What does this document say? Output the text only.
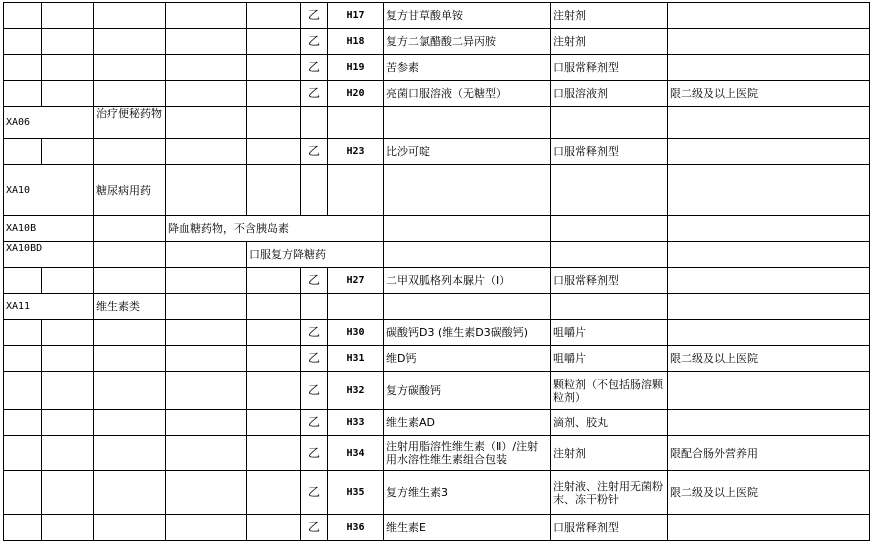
					乙	H17	复方甘草酸单铵	注射剂	
					乙	H18	复方二氯醋酸二异丙胺	注射剂	
					乙	H19	苦参素	口服常释剂型	
					乙	H20	亮菌口服溶液（无糖型）	口服溶液剂	限二级及以上医院
XA06		治疗便秘药物							
					乙	H23	比沙可啶	口服常释剂型	
XA10		糖尿病用药							
XA10B			降血糖药物，不含胰岛素						
XA10BD				口服复方降糖药					
					乙	H27	二甲双胍格列本脲片（Ⅰ）	口服常释剂型	
XA11		维生素类							
					乙	H30	碳酸钙D3 (维生素D3碳酸钙)	咀嚼片	
					乙	H31	维D钙	咀嚼片	限二级及以上医院
					乙	H32	复方碳酸钙	颗粒剂（不包括肠溶颗粒剂）	
					乙	H33	维生素AD	滴剂、胶丸	
					乙	H34	注射用脂溶性维生素（Ⅱ）/注射用水溶性维生素组合包装	注射剂	限配合肠外营养用
					乙	H35	复方维生素3	注射液、注射用无菌粉末、冻干粉针	限二级及以上医院
					乙	H36	维生素E	口服常释剂型	
